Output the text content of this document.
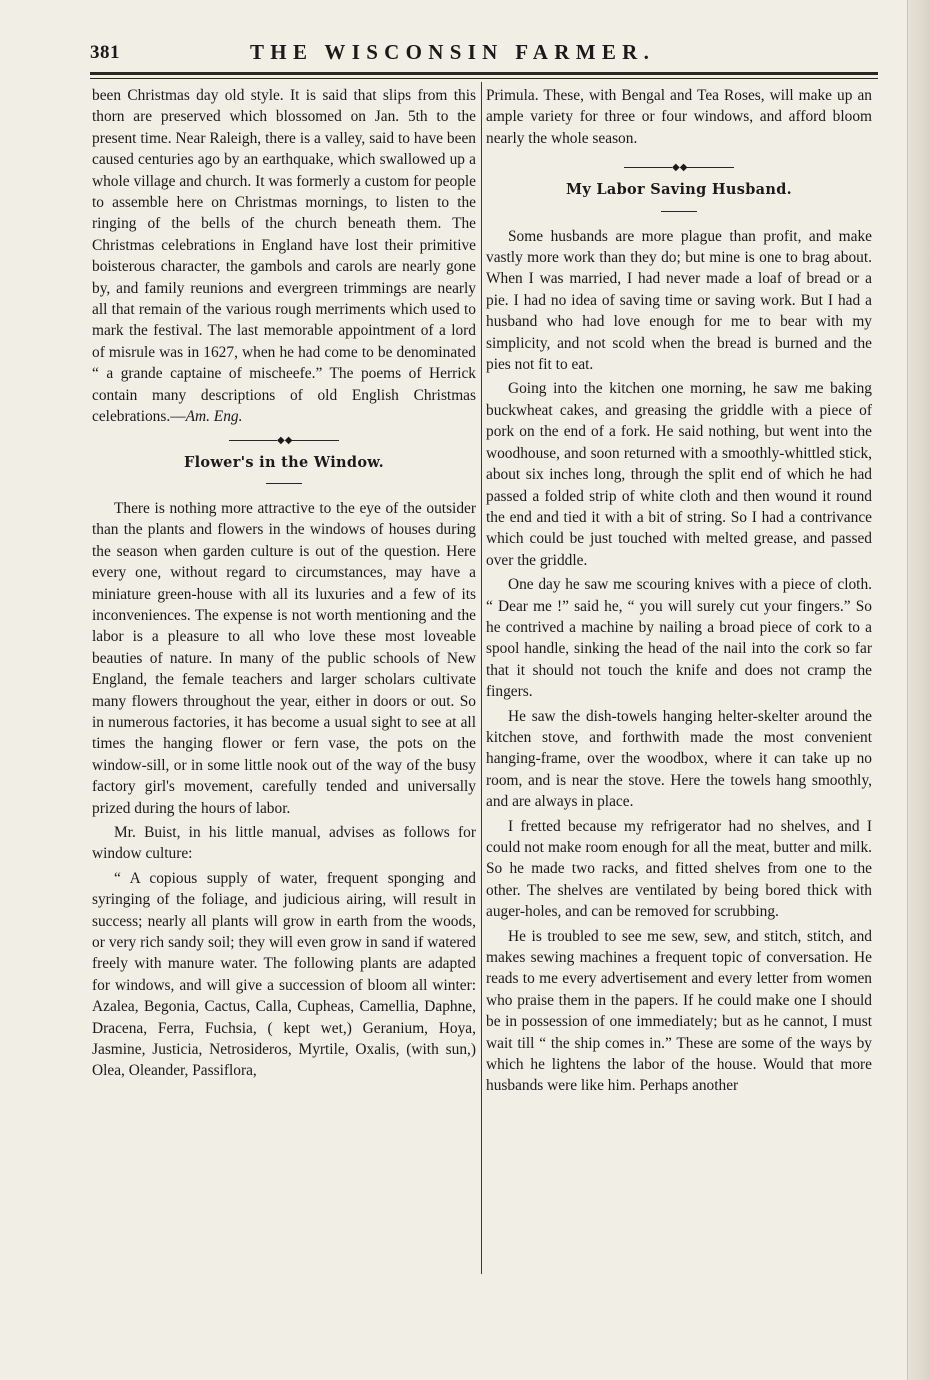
381	THE WISCONSIN FARMER.

been Christmas day old style. It is said that slips from this thorn are preserved which blossomed on Jan. 5th to the present time. Near Raleigh, there is a valley, said to have been caused centuries ago by an earthquake, which swallowed up a whole village and church. It was formerly a custom for people to assemble here on Christmas mornings, to listen to the ringing of the bells of the church beneath them. The Christmas celebrations in England have lost their primitive boisterous character, the gambols and carols are nearly gone by, and family reunions and evergreen trimmings are nearly all that remain of the various rough merriments which used to mark the festival. The last memorable appointment of a lord of misrule was in 1627, when he had come to be denominated “ a grande captaine of mischeefe.” The poems of Herrick contain many descriptions of old English Christmas celebrations.—Am. Eng.

◆◆
Flower's in the Window.

There is nothing more attractive to the eye of the outsider than the plants and flowers in the windows of houses during the season when garden culture is out of the question. Here every one, without regard to circumstances, may have a miniature green-house with all its luxuries and a few of its inconveniences. The expense is not worth mentioning and the labor is a pleasure to all who love these most loveable beauties of nature. In many of the public schools of New England, the female teachers and larger scholars cultivate many flowers throughout the year, either in doors or out. So in numerous factories, it has become a usual sight to see at all times the hanging flower or fern vase, the pots on the window-sill, or in some little nook out of the way of the busy factory girl's movement, carefully tended and universally prized during the hours of labor.

Mr. Buist, in his little manual, advises as follows for window culture:

“ A copious supply of water, frequent sponging and syringing of the foliage, and judicious airing, will result in success; nearly all plants will grow in earth from the woods, or very rich sandy soil; they will even grow in sand if watered freely with manure water. The following plants are adapted for windows, and will give a succession of bloom all winter: Azalea, Begonia, Cactus, Calla, Cupheas, Camellia, Daphne, Dracena, Ferra, Fuchsia, ( kept wet,) Geranium, Hoya, Jasmine, Justicia, Netrosideros, Myrtile, Oxalis, (with sun,) Olea, Oleander, Passiflora,

Primula. These, with Bengal and Tea Roses, will make up an ample variety for three or four windows, and afford bloom nearly the whole season.

◆◆
My Labor Saving Husband.

Some husbands are more plague than profit, and make vastly more work than they do; but mine is one to brag about. When I was married, I had never made a loaf of bread or a pie. I had no idea of saving time or saving work. But I had a husband who had love enough for me to bear with my simplicity, and not scold when the bread is burned and the pies not fit to eat.

Going into the kitchen one morning, he saw me baking buckwheat cakes, and greasing the griddle with a piece of pork on the end of a fork. He said nothing, but went into the woodhouse, and soon returned with a smoothly-whittled stick, about six inches long, through the split end of which he had passed a folded strip of white cloth and then wound it round the end and tied it with a bit of string. So I had a contrivance which could be just touched with melted grease, and passed over the griddle.

One day he saw me scouring knives with a piece of cloth. “ Dear me !” said he, “ you will surely cut your fingers.” So he contrived a machine by nailing a broad piece of cork to a spool handle, sinking the head of the nail into the cork so far that it should not touch the knife and does not cramp the fingers.

He saw the dish-towels hanging helter-skelter around the kitchen stove, and forthwith made the most convenient hanging-frame, over the woodbox, where it can take up no room, and is near the stove. Here the towels hang smoothly, and are always in place.

I fretted because my refrigerator had no shelves, and I could not make room enough for all the meat, butter and milk. So he made two racks, and fitted shelves from one to the other. The shelves are ventilated by being bored thick with auger-holes, and can be removed for scrubbing.

He is troubled to see me sew, sew, and stitch, stitch, and makes sewing machines a frequent topic of conversation. He reads to me every advertisement and every letter from women who praise them in the papers. If he could make one I should be in possession of one immediately; but as he cannot, I must wait till “ the ship comes in.” These are some of the ways by which he lightens the labor of the house. Would that more husbands were like him. Perhaps another
